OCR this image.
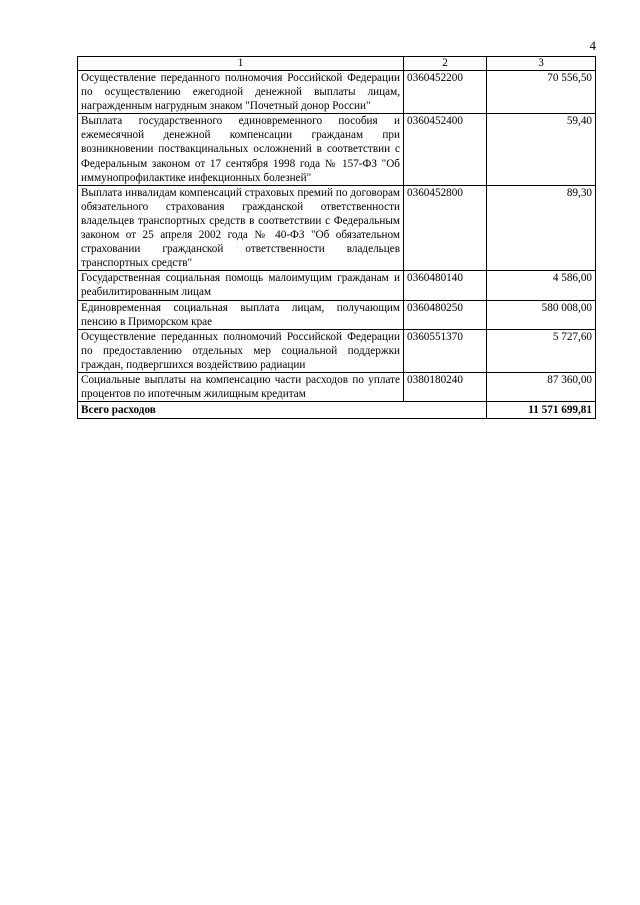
4
1	2	3
Осуществление переданного полномочия Российской Федерации по осуществлению ежегодной денежной выплаты лицам, награжденным нагрудным знаком "Почетный донор России"	0360452200	70 556,50
Выплата государственного единовременного пособия и ежемесячной денежной компенсации гражданам при возникновении поствакцинальных осложнений в соответствии с Федеральным законом от 17 сентября 1998 года № 157-ФЗ "Об иммунопрофилактике инфекционных болезней"	0360452400	59,40
Выплата инвалидам компенсаций страховых премий по договорам обязательного страхования гражданской ответственности владельцев транспортных средств в соответствии с Федеральным законом от 25 апреля 2002 года № 40-ФЗ "Об обязательном страховании гражданской ответственности владельцев транспортных средств"	0360452800	89,30
Государственная социальная помощь малоимущим гражданам и реабилитированным лицам	0360480140	4 586,00
Единовременная социальная выплата лицам, получающим пенсию в Приморском крае	0360480250	580 008,00
Осуществление переданных полномочий Российской Федерации по предоставлению отдельных мер социальной поддержки граждан, подвергшихся воздействию радиации	0360551370	5 727,60
Социальные выплаты на компенсацию части расходов по уплате процентов по ипотечным жилищным кредитам	0380180240	87 360,00
Всего расходов		11 571 699,81
